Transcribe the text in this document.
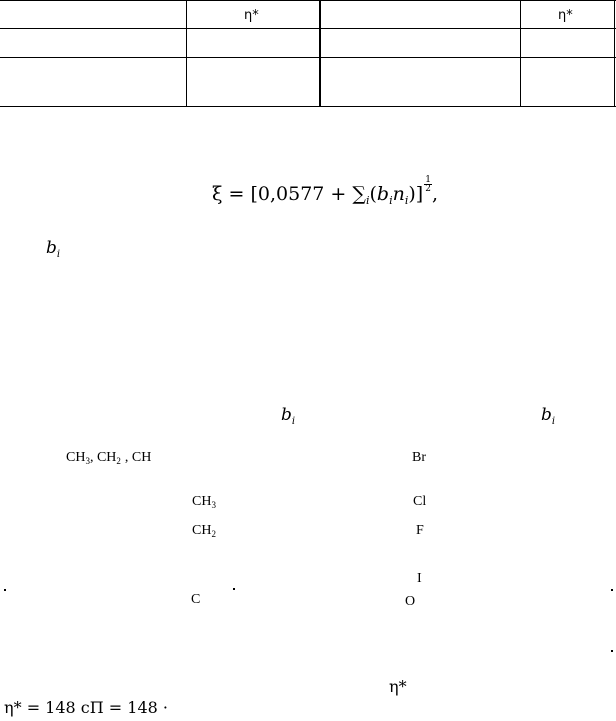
η*	η*
$\xi = [0,0577 + \sum_i(b_in_i)] \frac{1}{2}$ ,
$b_i$
$b_i$	$b_i$
$CH_3$, $CH_2$ , CH
$CH_3$
$CH_2$
C
Br
Cl
F
I
O
η*
η* = 148 сП = 148 ·
